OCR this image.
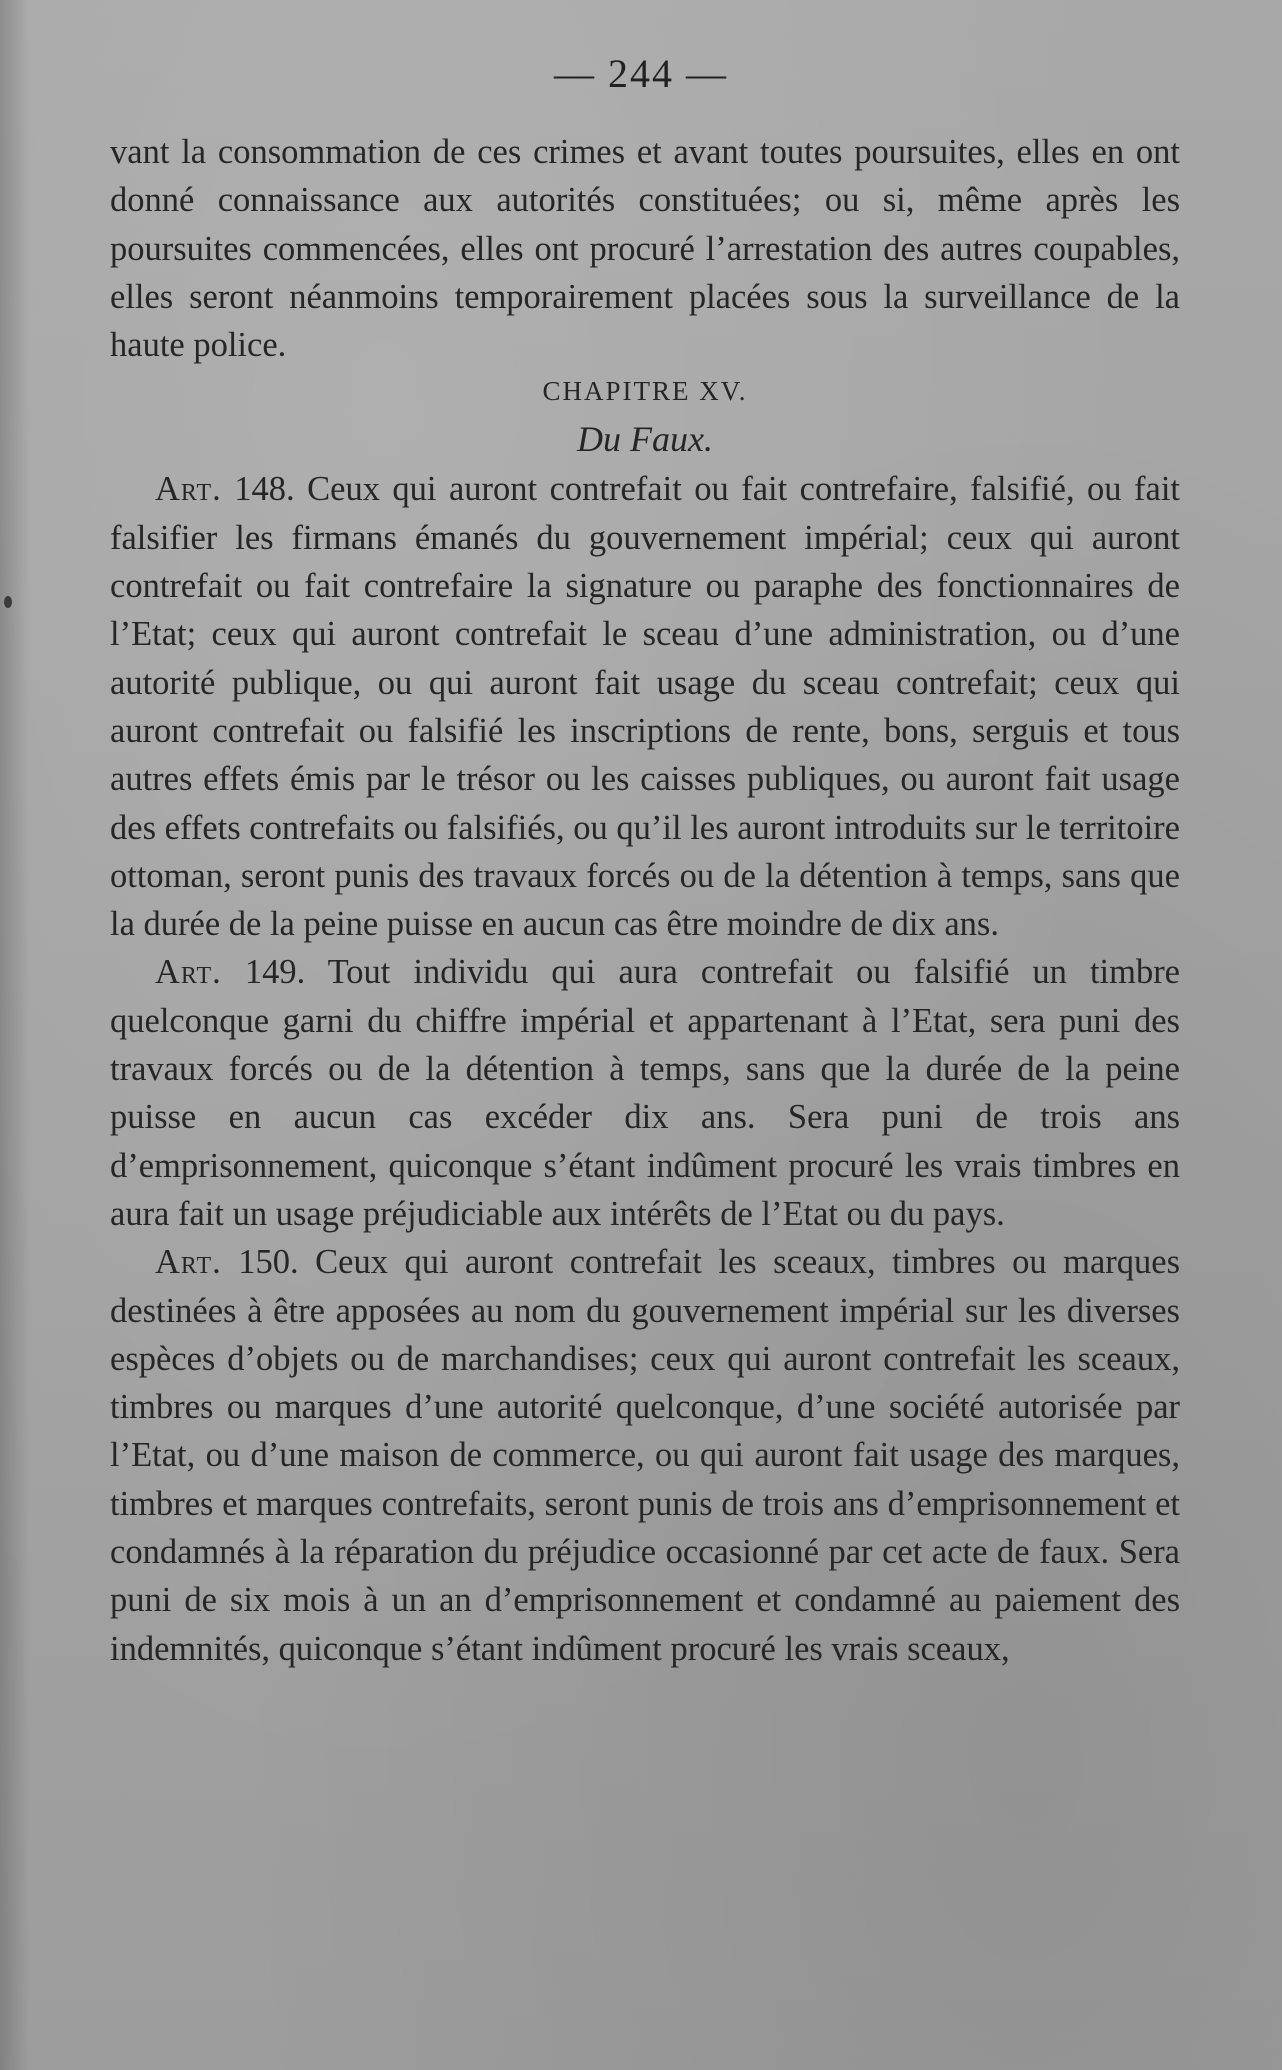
— 244 —

vant la consommation de ces crimes et avant toutes poursuites, elles en ont donné connaissance aux autorités constituées; ou si, même après les poursuites commencées, elles ont procuré l’arrestation des autres coupables, elles seront néanmoins temporairement placées sous la surveillance de la haute police.

CHAPITRE XV.

Du Faux.

Art. 148. Ceux qui auront contrefait ou fait contrefaire, falsifié, ou fait falsifier les firmans émanés du gouvernement impérial; ceux qui auront contrefait ou fait contrefaire la signature ou paraphe des fonctionnaires de l’Etat; ceux qui auront contrefait le sceau d’une administration, ou d’une autorité publique, ou qui auront fait usage du sceau contrefait; ceux qui auront contrefait ou falsifié les inscriptions de rente, bons, serguis et tous autres effets émis par le trésor ou les caisses publiques, ou auront fait usage des effets contrefaits ou falsifiés, ou qu’il les auront introduits sur le territoire ottoman, seront punis des travaux forcés ou de la détention à temps, sans que la durée de la peine puisse en aucun cas être moindre de dix ans.

Art. 149. Tout individu qui aura contrefait ou falsifié un timbre quelconque garni du chiffre impérial et appartenant à l’Etat, sera puni des travaux forcés ou de la détention à temps, sans que la durée de la peine puisse en aucun cas excéder dix ans. Sera puni de trois ans d’emprisonnement, quiconque s’étant indûment procuré les vrais timbres en aura fait un usage préjudiciable aux intérêts de l’Etat ou du pays.

Art. 150. Ceux qui auront contrefait les sceaux, timbres ou marques destinées à être apposées au nom du gouvernement impérial sur les diverses espèces d’objets ou de marchandises; ceux qui auront contrefait les sceaux, timbres ou marques d’une autorité quelconque, d’une société autorisée par l’Etat, ou d’une maison de commerce, ou qui auront fait usage des marques, timbres et marques contrefaits, seront punis de trois ans d’emprisonnement et condamnés à la réparation du préjudice occasionné par cet acte de faux. Sera puni de six mois à un an d’emprisonnement et condamné au paiement des indemnités, quiconque s’étant indûment procuré les vrais sceaux,
